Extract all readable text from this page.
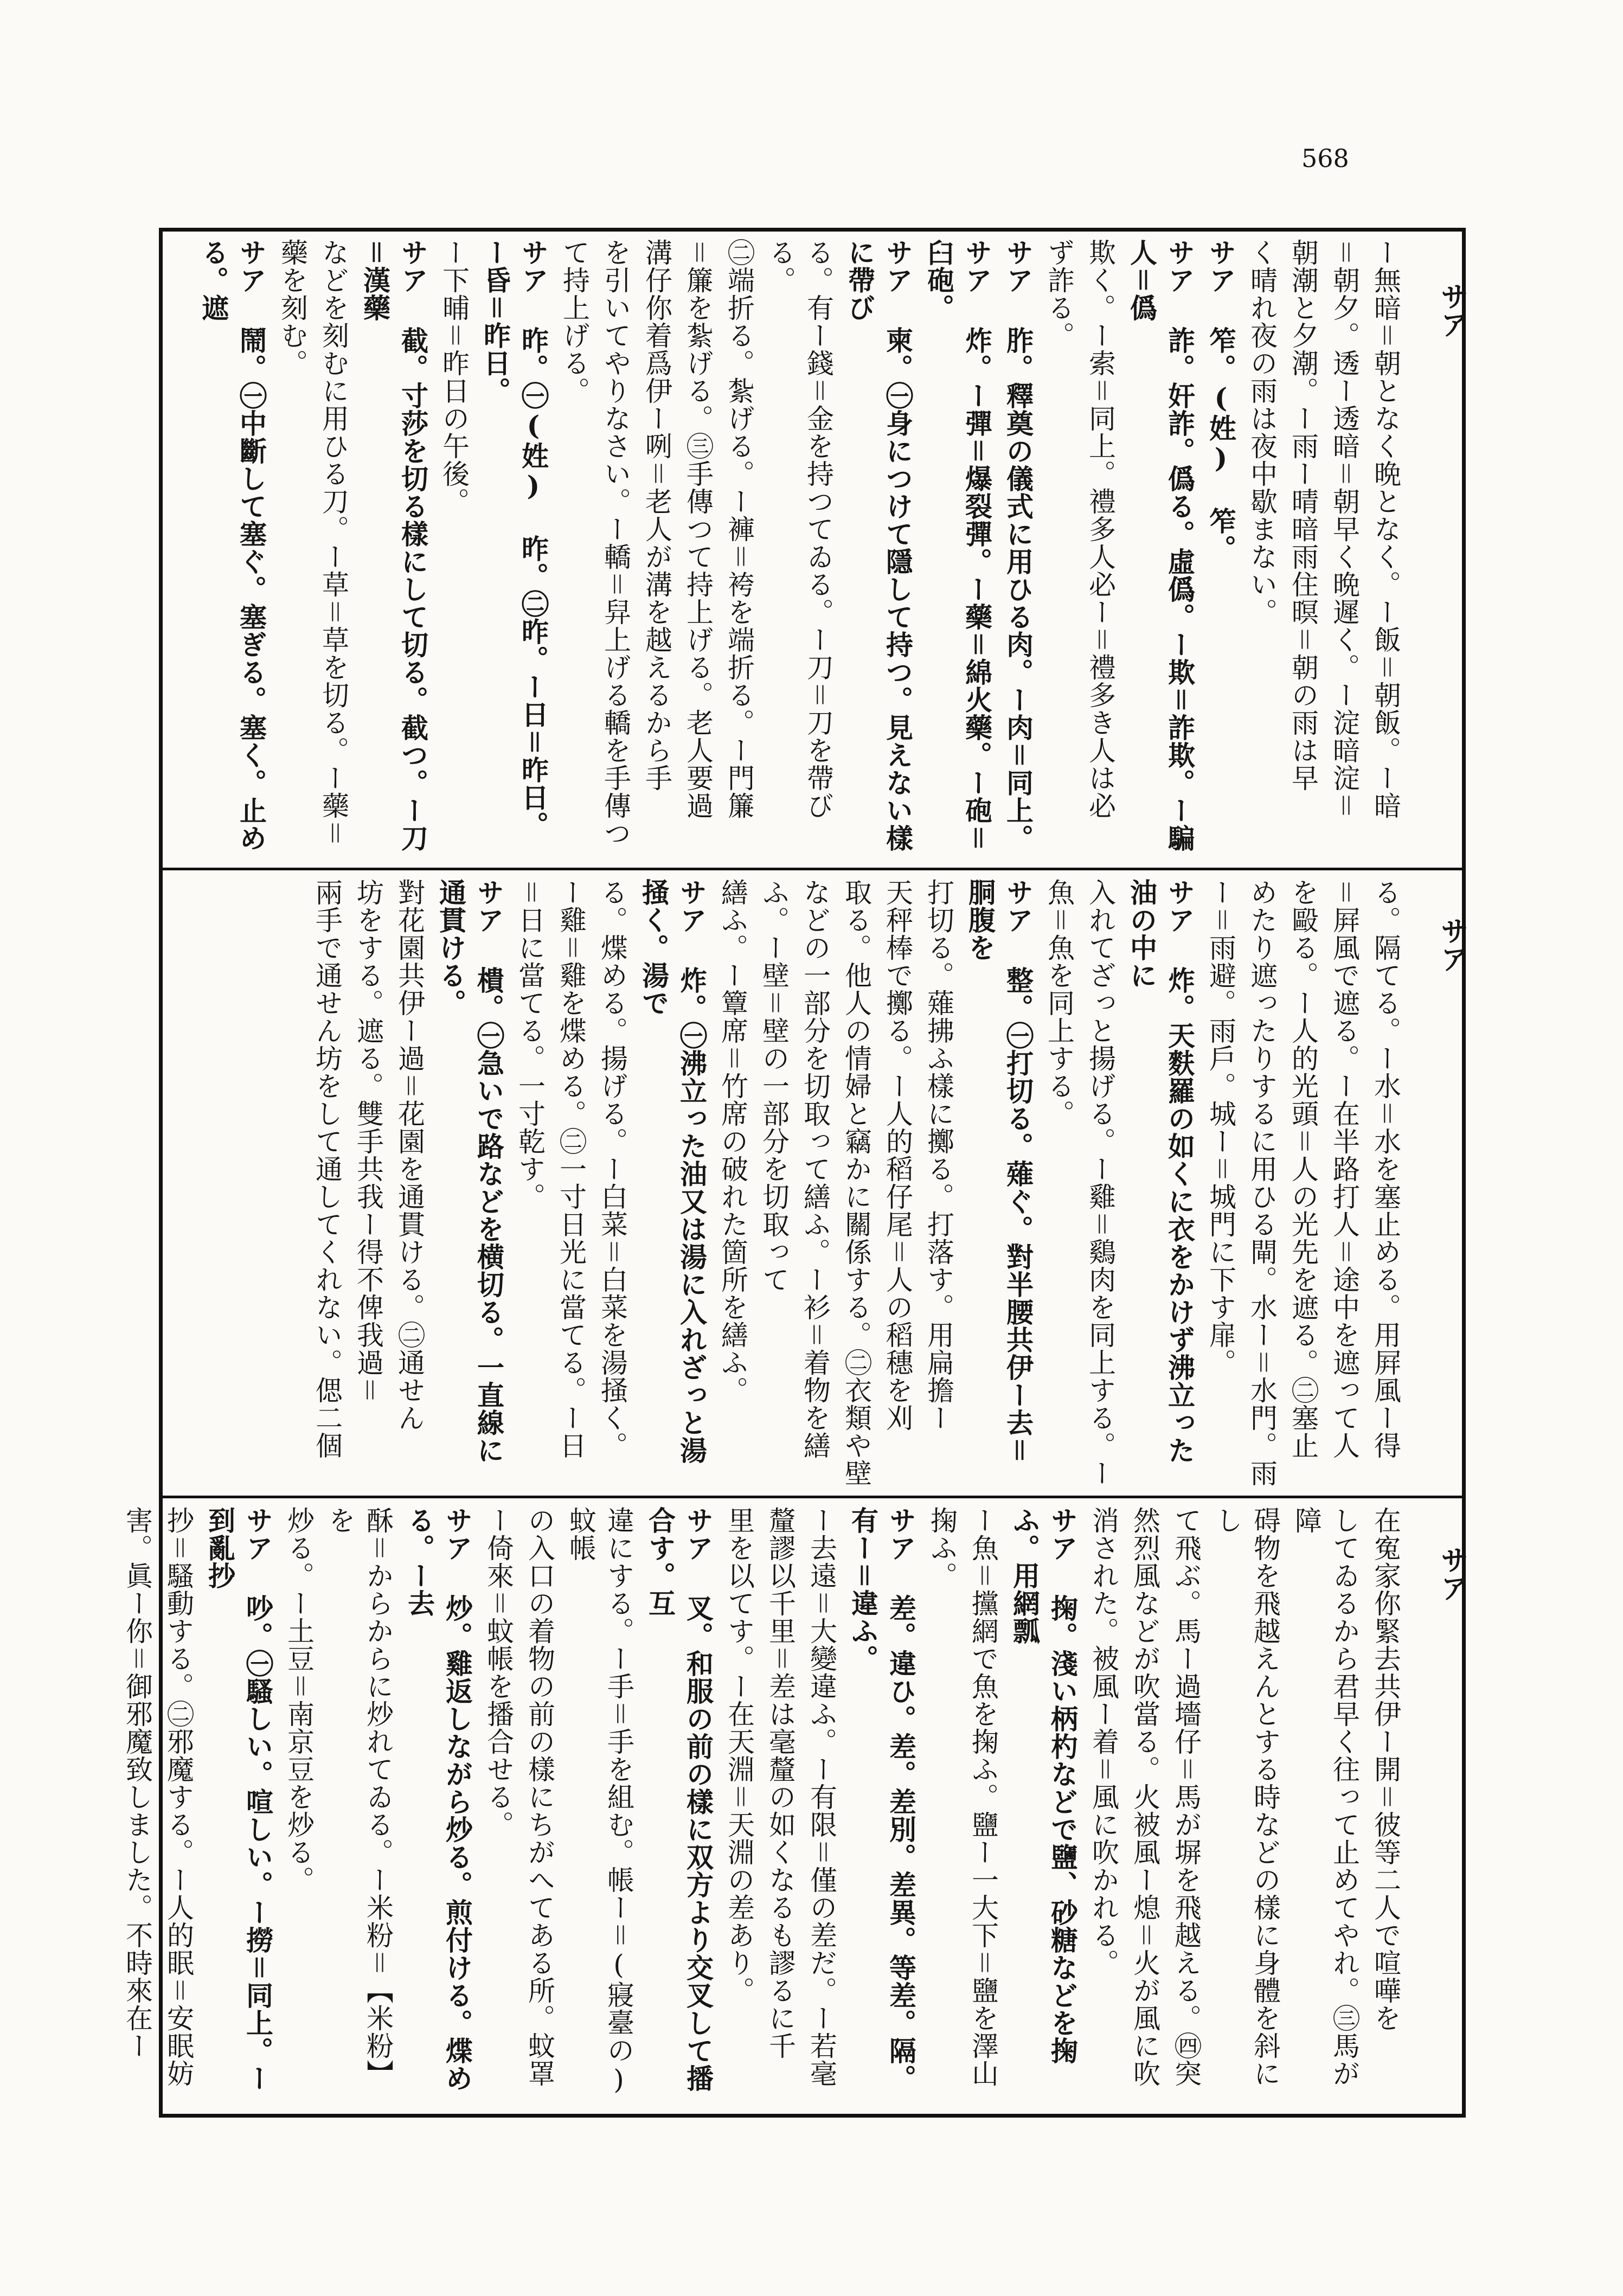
568
サア
サア
サア
ー無暗＝朝となく晩となく。ー飯＝朝飯。ー暗
＝朝夕。透ー透暗＝朝早く晩遲く。ー淀暗淀＝
朝潮と夕潮。ー雨ー晴暗雨住暝＝朝の雨は早
く晴れ夜の雨は夜中歇まない。
サア 笮。(姓) 笮。
サア 詐。奸詐。僞る。虛僞。ー欺＝詐欺。ー騙人＝僞
欺く。ー索＝同上。禮多人必ー＝禮多き人は必
ず詐る。
サア 胙。釋奠の儀式に用ひる肉。ー肉＝同上。
サア 炸。ー彈＝爆裂彈。ー藥＝綿火藥。ー砲＝臼砲。
サア 柬。㊀身につけて隱して持つ。見えない樣に帶び
る。有ー錢＝金を持つてゐる。ー刀＝刀を帶びる。
㊁端折る。紮げる。ー褲＝袴を端折る。ー門簾
＝簾を紮げる。㊂手傳つて持上げる。老人要過
溝仔你着爲伊ー咧＝老人が溝を越えるから手
を引いてやりなさい。ー轎＝舁上げる轎を手傳つ
て持上げる。
サア 昨。㊀(姓) 昨。㊁昨。ー日＝昨日。ー昏＝昨日。
ー下晡＝昨日の午後。
サア 截。寸莎を切る樣にして切る。截つ。ー刀＝漢藥
などを刻むに用ひる刀。ー草＝草を切る。ー藥＝
藥を刻む。
サア 鬧。㊀中斷して塞ぐ。塞ぎる。塞く。止める。遮
る。隔てる。ー水＝水を塞止める。用屛風ー得
＝屛風で遮る。ー在半路打人＝途中を遮って人
を毆る。ー人的光頭＝人の光先を遮る。㊁塞止
めたり遮ったりするに用ひる閘。水ー＝水門。雨
ー＝雨避。雨戶。城ー＝城門に下す扉。
サア 炸。天麩羅の如くに衣をかけず沸立った油の中に
入れてざっと揚げる。ー雞＝鷄肉を同上する。ー
魚＝魚を同上する。
サア 整。㊀打切る。薙ぐ。對半腰共伊ー去＝胴腹を
打切る。薙拂ふ樣に擲る。打落す。用扁擔ー
天秤棒で擲る。ー人的稻仔尾＝人の稻穗を刈
取る。他人の情婦と竊かに關係する。㊁衣類や壁
などの一部分を切取って繕ふ。ー衫＝着物を繕
ふ。ー壁＝壁の一部分を切取って
繕ふ。ー簟席＝竹席の破れた箇所を繕ふ。
サア 炸。㊀沸立った油又は湯に入れざっと湯掻く。湯で
る。煠める。揚げる。ー白菜＝白菜を湯掻く。
ー雞＝雞を煠める。㊁一寸日光に當てる。ー日
＝日に當てる。一寸乾す。
サア 樻。㊀急いで路などを横切る。一直線に通貫ける。
對花園共伊ー過＝花園を通貫ける。㊁通せん
坊をする。遮る。雙手共我ー得不俾我過＝
兩手で通せん坊をして通してくれない。偲二個
在寃家你緊去共伊ー開＝彼等二人で喧嘩を
してゐるから君早く往って止めてやれ。㊂馬が障
碍物を飛越えんとする時などの樣に身體を斜にし
て飛ぶ。馬ー過墻仔＝馬が塀を飛越える。㊃突
然烈風などが吹當る。火被風ー熄＝火が風に吹
消された。被風ー着＝風に吹かれる。
サア 掬。淺い柄杓などで鹽、砂糖などを掬ふ。用網瓢
ー魚＝攩網で魚を掬ふ。鹽ー一大下＝鹽を澤山
掬ふ。
サア 差。違ひ。差。差別。差異。等差。隔。有ー＝違ふ。
ー去遠＝大變違ふ。ー有限＝僅の差だ。ー若毫
釐謬以千里＝差は毫釐の如くなるも謬るに千
里を以てす。ー在天淵＝天淵の差あり。
サア 叉。和服の前の樣に双方より交叉して播合す。互
違にする。ー手＝手を組む。帳ー＝(寢臺の)蚊帳
の入口の着物の前の樣にちがへてある所。蚊罩
ー倚來＝蚊帳を播合せる。
サア 炒。雞返しながら炒る。煎付ける。煠める。ー去
酥＝からからに炒れてゐる。ー米粉＝【米粉】を
炒る。ー土豆＝南京豆を炒る。
サア 吵。㊀騷しい。喧しい。ー撈＝同上。ー到亂抄
抄＝騷動する。㊁邪魔する。ー人的眠＝安眠妨
害。眞ー你＝御邪魔致しました。不時來在ー
